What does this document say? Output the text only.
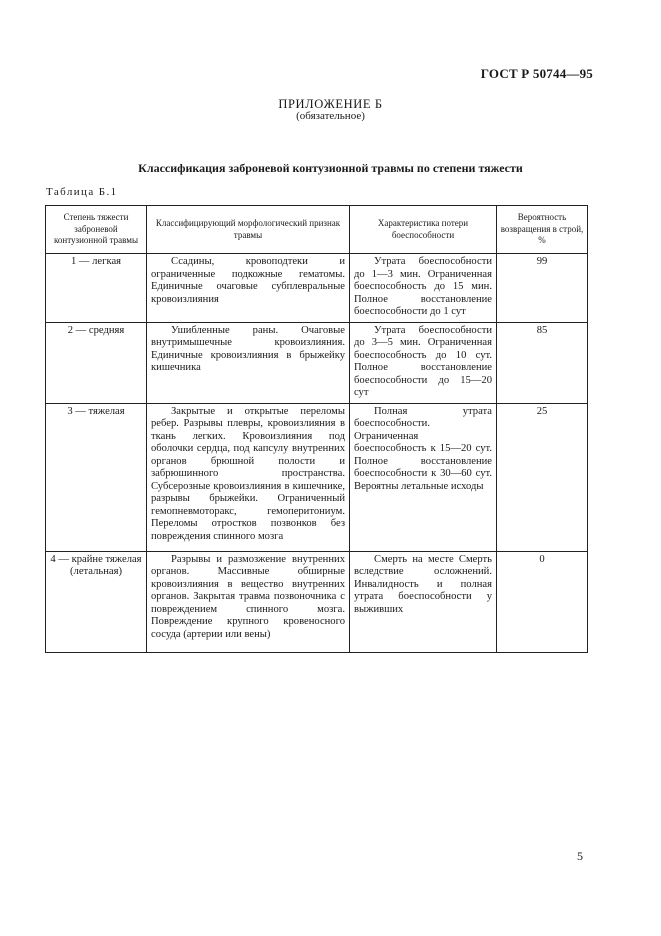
ГОСТ Р 50744—95
ПРИЛОЖЕНИЕ Б
(обязательное)
Классификация заброневой контузионной травмы по степени тяжести
Таблица Б.1
Степень тяжести заброневой контузионной травмы	Классифицирующий морфологический признак травмы	Характеристика потери боеспособности	Вероятность возвращения в строй, %
1 — легкая	Ссадины, кровоподтеки и ограниченные подкожные гематомы. Единичные очаговые субплевральные кровоизлияния	Утрата боеспособности до 1—3 мин. Ограниченная боеспособность до 15 мин. Полное восстановление боеспособности до 1 сут	99
2 — средняя	Ушибленные раны. Очаговые внутримышечные кровоизлияния. Единичные кровоизлияния в брыжейку кишечника	Утрата боеспособности до 3—5 мин. Ограниченная боеспособность до 10 сут. Полное восстановление боеспособности до 15—20 сут	85
3 — тяжелая	Закрытые и открытые переломы ребер. Разрывы плевры, кровоизлияния в ткань легких. Кровоизлияния под оболочки сердца, под капсулу внутренних органов брюшной полости и забрюшинного пространства. Субсерозные кровоизлияния в кишечнике, разрывы брыжейки. Ограниченный гемопневмоторакс, гемоперитониум. Переломы отростков позвонков без повреждения спинного мозга	Полная утрата боеспособности. Ограниченная боеспособность к 15—20 сут. Полное восстановление боеспособности к 30—60 сут. Вероятны летальные исходы	25
4 — крайне тяжелая (летальная)	Разрывы и размозжение внутренних органов. Массивные обширные кровоизлияния в вещество внутренних органов. Закрытая травма позвоночника с повреждением спинного мозга. Повреждение крупного кровеносного сосуда (артерии или вены)	Смерть на месте Смерть вследствие осложнений. Инвалидность и полная утрата боеспособности у выживших	0
5
